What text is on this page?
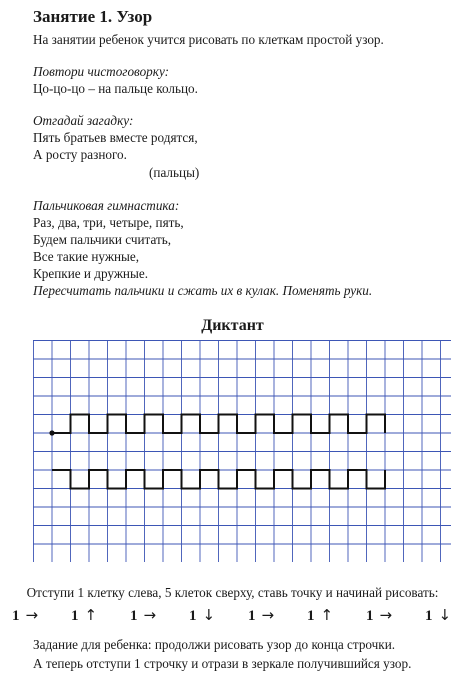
Занятие 1. Узор
На занятии ребенок учится рисовать по клеткам простой узор.
Повтори чистоговорку:
Цо-цо-цо – на пальце кольцо.
Отгадай загадку:
Пять братьев вместе родятся,
А росту разного.
(пальцы)
Пальчиковая гимнастика:
Раз, два, три, четыре, пять,
Будем пальчики считать,
Все такие нужные,
Крепкие и дружные.
Пересчитать пальчики и сжать их в кулак. Поменять руки.
Диктант
Отступи 1 клетку слева, 5 клеток сверху, ставь точку и начинай рисовать:
1 → 1 ↑ 1 → 1 ↓ 1 → 1 ↑ 1 → 1 ↓
Задание для ребенка: продолжи рисовать узор до конца строчки.
А теперь отступи 1 строчку и отрази в зеркале получившийся узор.
